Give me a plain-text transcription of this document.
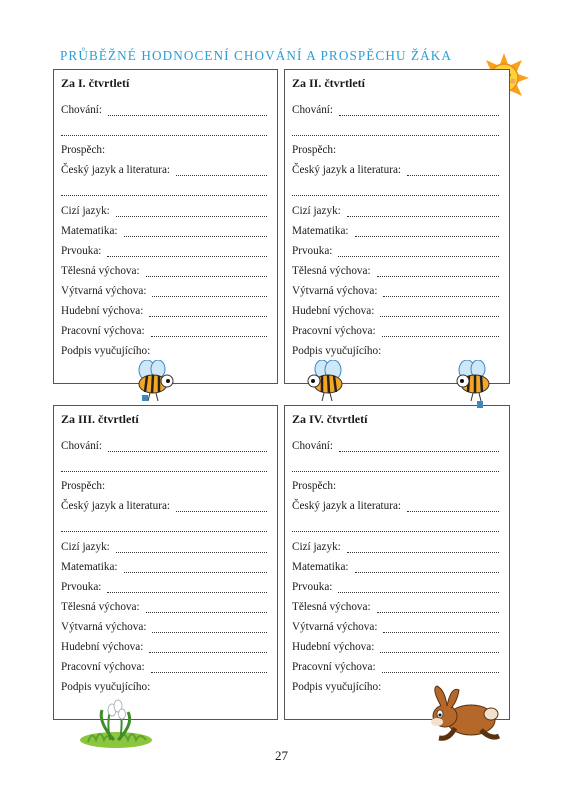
PRŮBĚŽNÉ HODNOCENÍ CHOVÁNÍ A PROSPĚCHU ŽÁKA
Za I. čtvrtletí
Chování:
Prospěch:
Český jazyk a literatura:
Cizí jazyk:
Matematika:
Prvouka:
Tělesná výchova:
Výtvarná výchova:
Hudební výchova:
Pracovní výchova:
Podpis vyučujícího:
Za II. čtvrtletí
Chování:
Prospěch:
Český jazyk a literatura:
Cizí jazyk:
Matematika:
Prvouka:
Tělesná výchova:
Výtvarná výchova:
Hudební výchova:
Pracovní výchova:
Podpis vyučujícího:
Za III. čtvrtletí
Chování:
Prospěch:
Český jazyk a literatura:
Cizí jazyk:
Matematika:
Prvouka:
Tělesná výchova:
Výtvarná výchova:
Hudební výchova:
Pracovní výchova:
Podpis vyučujícího:
Za IV. čtvrtletí
Chování:
Prospěch:
Český jazyk a literatura:
Cizí jazyk:
Matematika:
Prvouka:
Tělesná výchova:
Výtvarná výchova:
Hudební výchova:
Pracovní výchova:
Podpis vyučujícího:
27
